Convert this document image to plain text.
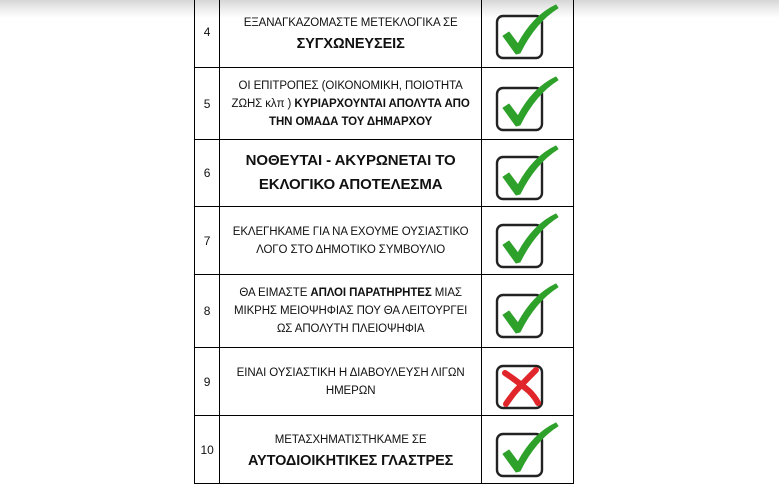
4	ΕΞΑΝΑΓΚΑΖΟΜΑΣΤΕ ΜΕΤΕΚΛΟΓΙΚΑ ΣΕ
ΣΥΓΧΩΝΕΥΣΕΙΣ

5	ΟΙ ΕΠΙΤΡΟΠΕΣ (ΟΙΚΟΝΟΜΙΚΗ, ΠΟΙΟΤΗΤΑ
ΖΩΗΣ κλπ ) ΚΥΡΙΑΡΧΟΥΝΤΑΙ ΑΠΟΛΥΤΑ ΑΠΟ
ΤΗΝ ΟΜΑΔΑ ΤΟΥ ΔΗΜΑΡΧΟΥ

6	ΝΟΘΕΥΤΑΙ - ΑΚΥΡΩΝΕΤΑΙ ΤΟ
ΕΚΛΟΓΙΚΟ ΑΠΟΤΕΛΕΣΜΑ

7	ΕΚΛΕΓΗΚΑΜΕ ΓΙΑ ΝΑ ΕΧΟΥΜΕ ΟΥΣΙΑΣΤΙΚΟ
ΛΟΓΟ ΣΤΟ ΔΗΜΟΤΙΚΟ ΣΥΜΒΟΥΛΙΟ

8	ΘΑ ΕΙΜΑΣΤΕ ΑΠΛΟΙ ΠΑΡΑΤΗΡΗΤΕΣ ΜΙΑΣ
ΜΙΚΡΗΣ ΜΕΙΟΨΗΦΙΑΣ ΠΟΥ ΘΑ ΛΕΙΤΟΥΡΓΕΙ
ΩΣ ΑΠΟΛΥΤΗ ΠΛΕΙΟΨΗΦΙΑ

9	ΕΙΝΑΙ ΟΥΣΙΑΣΤΙΚΗ Η ΔΙΑΒΟΥΛΕΥΣΗ ΛΙΓΩΝ
ΗΜΕΡΩΝ

10	ΜΕΤΑΣΧΗΜΑΤΙΣΤΗΚΑΜΕ ΣΕ
ΑΥΤΟΔΙΟΙΚΗΤΙΚΕΣ ΓΛΑΣΤΡΕΣ
